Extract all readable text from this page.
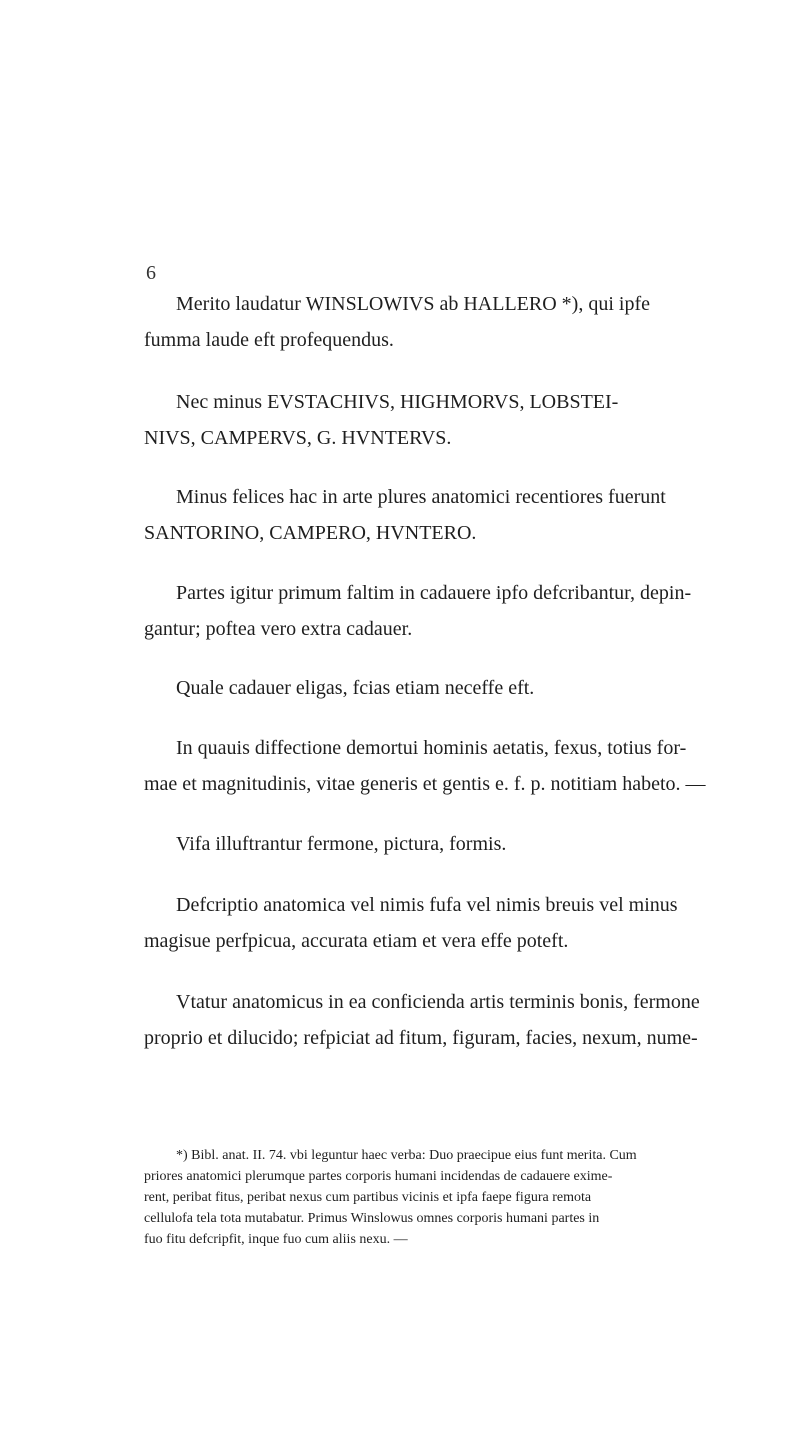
6
Merito laudatur WINSLOWIVS ab HALLERO *), qui ipfe
fumma laude eft profequendus.
Nec minus EVSTACHIVS, HIGHMORVS, LOBSTEI-
NIVS, CAMPERVS, G. HVNTERVS.
Minus felices hac in arte plures anatomici recentiores fuerunt
SANTORINO, CAMPERO, HVNTERO.
Partes igitur primum faltim in cadauere ipfo defcribantur, depin-
gantur; poftea vero extra cadauer.
Quale cadauer eligas, fcias etiam neceffe eft.
In quauis diffectione demortui hominis aetatis, fexus, totius for-
mae et magnitudinis, vitae generis et gentis e. f. p. notitiam habeto. —
Vifa illuftrantur fermone, pictura, formis.
Defcriptio anatomica vel nimis fufa vel nimis breuis vel minus
magisue perfpicua, accurata etiam et vera effe poteft.
Vtatur anatomicus in ea conficienda artis terminis bonis, fermone
proprio et dilucido; refpiciat ad fitum, figuram, facies, nexum, nume-
*) Bibl. anat. II. 74. vbi leguntur haec verba: Duo praecipue eius funt merita. Cum
priores anatomici plerumque partes corporis humani incidendas de cadauere exime-
rent, peribat fitus, peribat nexus cum partibus vicinis et ipfa faepe figura remota
cellulofa tela tota mutabatur. Primus Winslowus omnes corporis humani partes in
fuo fitu defcripfit, inque fuo cum aliis nexu. —
